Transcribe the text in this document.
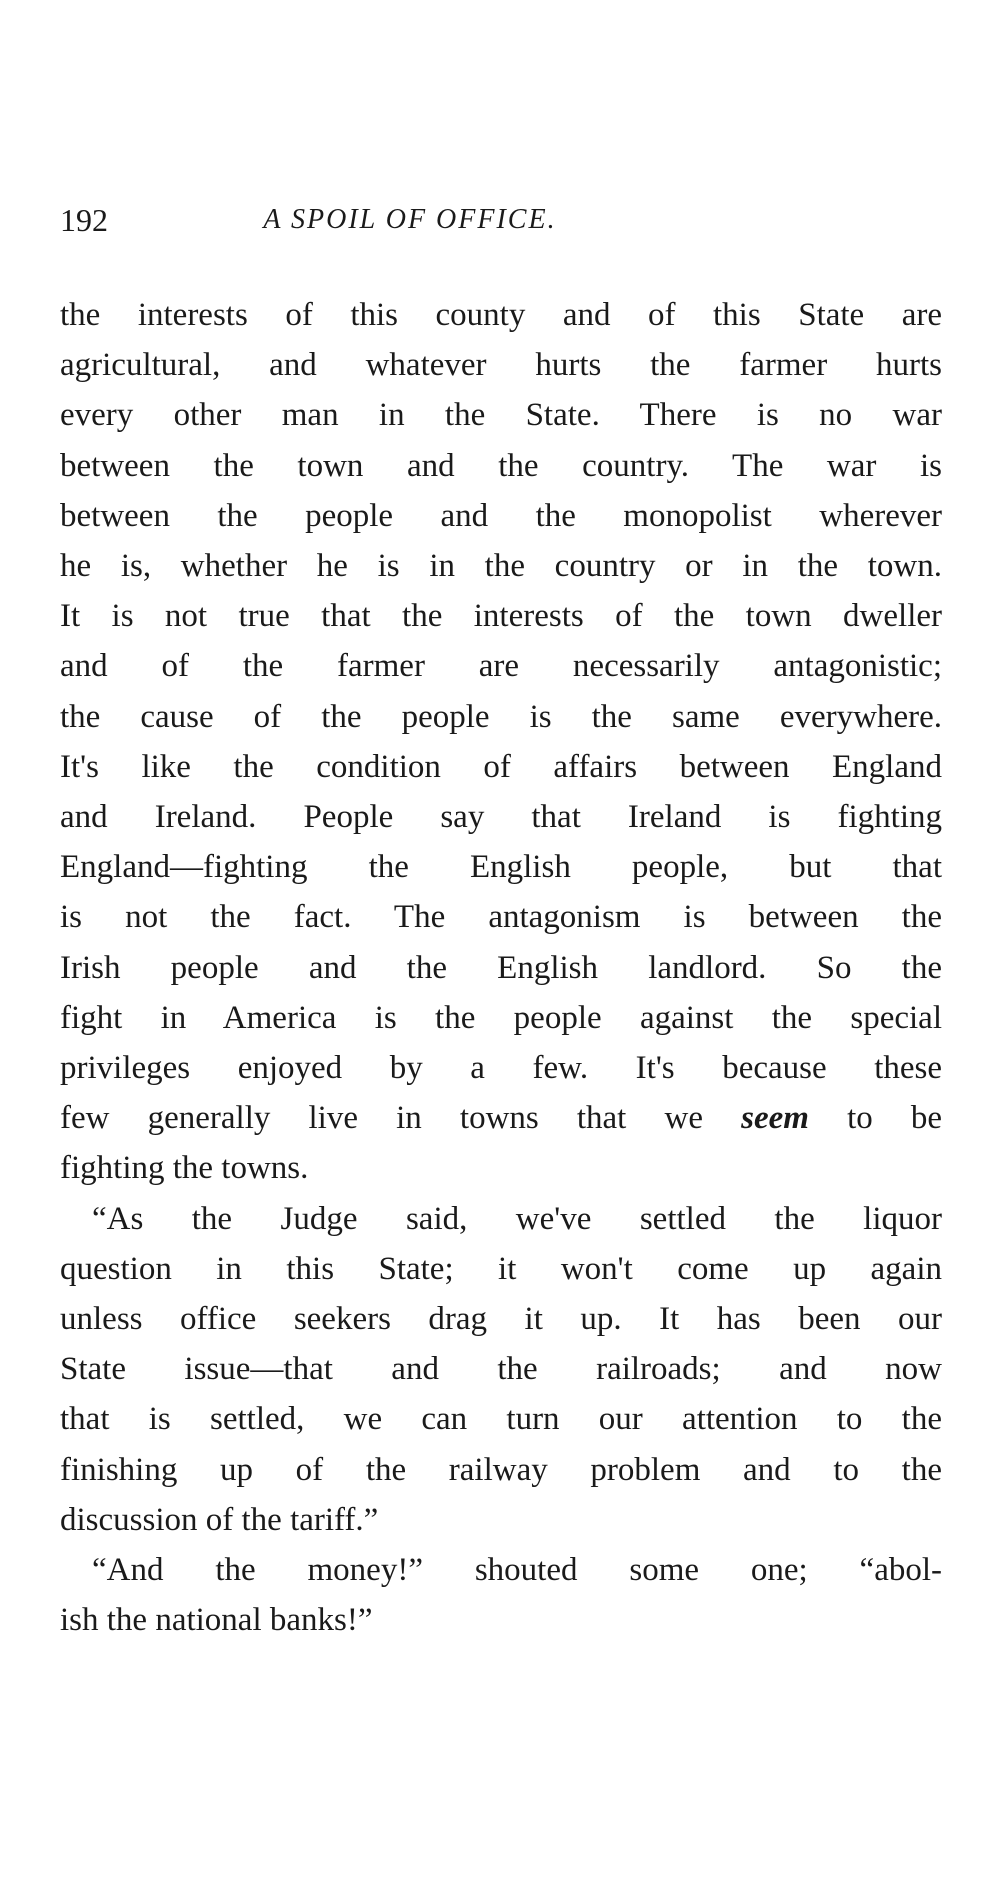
192	A SPOIL OF OFFICE.

the interests of this county and of this State are
agricultural, and whatever hurts the farmer hurts
every other man in the State. There is no war
between the town and the country. The war is
between the people and the monopolist wherever
he is, whether he is in the country or in the town.
It is not true that the interests of the town dweller
and of the farmer are necessarily antagonistic;
the cause of the people is the same everywhere.
It's like the condition of affairs between England
and Ireland. People say that Ireland is fighting
England—fighting the English people, but that
is not the fact. The antagonism is between the
Irish people and the English landlord. So the
fight in America is the people against the special
privileges enjoyed by a few. It's because these
few generally live in towns that we seem to be
fighting the towns.

“As the Judge said, we've settled the liquor
question in this State; it won't come up again
unless office seekers drag it up. It has been our
State issue—that and the railroads; and now
that is settled, we can turn our attention to the
finishing up of the railway problem and to the
discussion of the tariff.”

“And the money!” shouted some one; “abol-
ish the national banks!”
